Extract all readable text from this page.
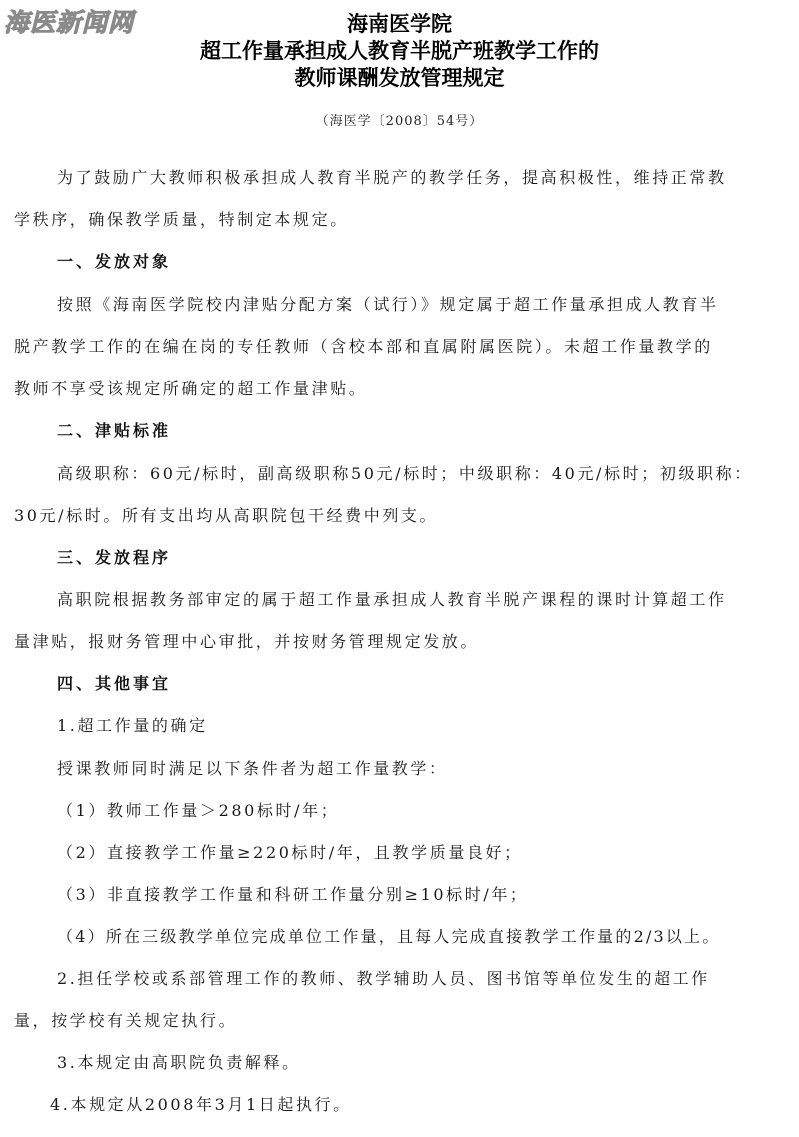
海医新闻网	海南医学院
超工作量承担成人教育半脱产班教学工作的
教师课酬发放管理规定
（海医学〔2008〕54号）
为了鼓励广大教师积极承担成人教育半脱产的教学任务，提高积极性，维持正常教
学秩序，确保教学质量，特制定本规定。
一、发放对象
按照《海南医学院校内津贴分配方案（试行）》规定属于超工作量承担成人教育半
脱产教学工作的在编在岗的专任教师（含校本部和直属附属医院）。未超工作量教学的
教师不享受该规定所确定的超工作量津贴。
二、津贴标准
高级职称：60元/标时，副高级职称50元/标时；中级职称：40元/标时；初级职称：
30元/标时。所有支出均从高职院包干经费中列支。
三、发放程序
高职院根据教务部审定的属于超工作量承担成人教育半脱产课程的课时计算超工作
量津贴，报财务管理中心审批，并按财务管理规定发放。
四、其他事宜
1.超工作量的确定
授课教师同时满足以下条件者为超工作量教学：
（1）教师工作量＞280标时/年；
（2）直接教学工作量≥220标时/年，且教学质量良好；
（3）非直接教学工作量和科研工作量分别≥10标时/年；
（4）所在三级教学单位完成单位工作量，且每人完成直接教学工作量的2/3以上。
2.担任学校或系部管理工作的教师、教学辅助人员、图书馆等单位发生的超工作
量，按学校有关规定执行。
3.本规定由高职院负责解释。
4.本规定从2008年3月1日起执行。
